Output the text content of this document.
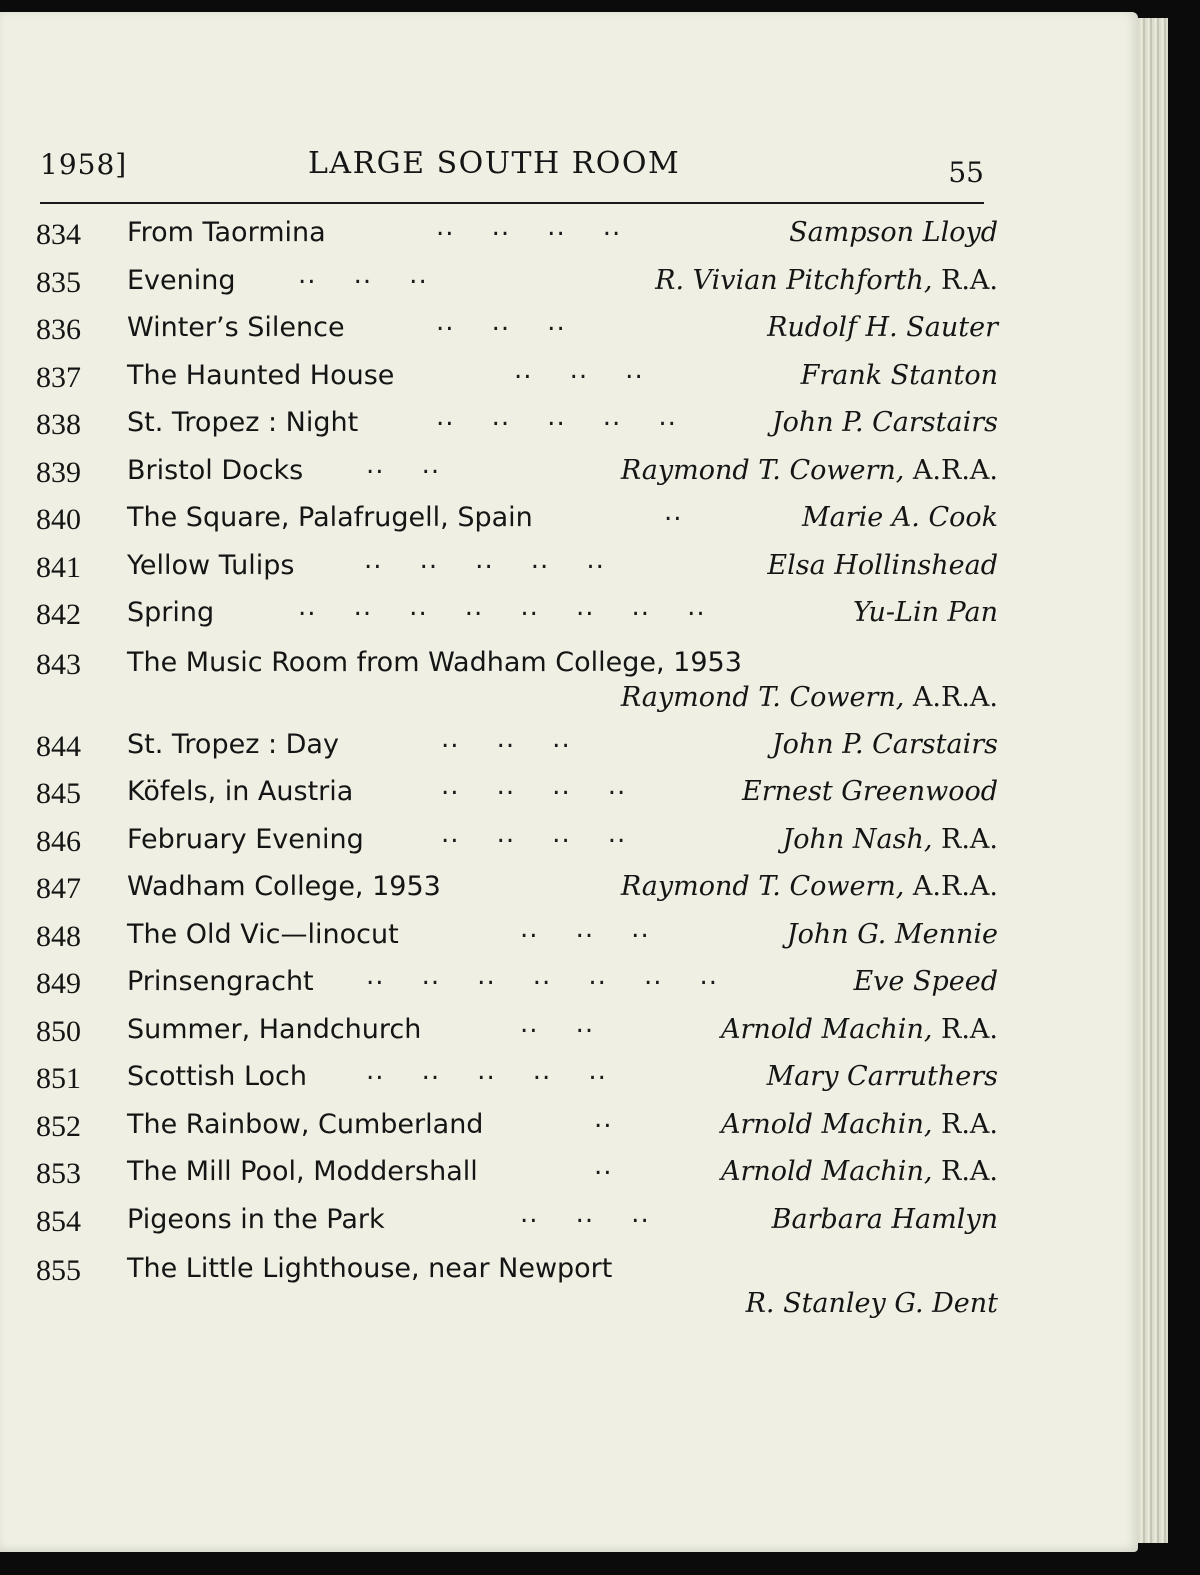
1958]	LARGE SOUTH ROOM	55
834 From Taormina	..    ..    ..    ..	Sampson Lloyd
835 Evening ..    ..    ..	R. Vivian Pitchforth, R.A.
836 Winter’s Silence	..    ..    ..	Rudolf H. Sauter
837 The Haunted House	..    ..    ..	Frank Stanton
838 St. Tropez : Night	..    ..    ..    ..    ..	John P. Carstairs
839 Bristol Docks ..    ..	Raymond T. Cowern, A.R.A.
840 The Square, Palafrugell, Spain	..	Marie A. Cook
841 Yellow Tulips	..    ..    ..    ..    ..	Elsa Hollinshead
842 Spring	..    ..    ..    ..    ..    ..    ..    ..	Yu-Lin Pan
843 The Music Room from Wadham College, 1953
Raymond T. Cowern, A.R.A.
844 St. Tropez : Day	..    ..    ..	John P. Carstairs
845 Köfels, in Austria	..    ..    ..    ..	Ernest Greenwood
846 February Evening	..    ..    ..    ..	John Nash, R.A.
847 Wadham College, 1953	Raymond T. Cowern, A.R.A.
848 The Old Vic—linocut	..    ..    ..	John G. Mennie
849 Prinsengracht ..    ..    ..    ..    ..    ..    ..	Eve Speed
850 Summer, Handchurch	..    ..	Arnold Machin, R.A.
851 Scottish Loch ..    ..    ..    ..    ..	Mary Carruthers
852 The Rainbow, Cumberland	..	Arnold Machin, R.A.
853 The Mill Pool, Moddershall	..	Arnold Machin, R.A.
854 Pigeons in the Park	..    ..    ..	Barbara Hamlyn
855 The Little Lighthouse, near Newport
R. Stanley G. Dent
